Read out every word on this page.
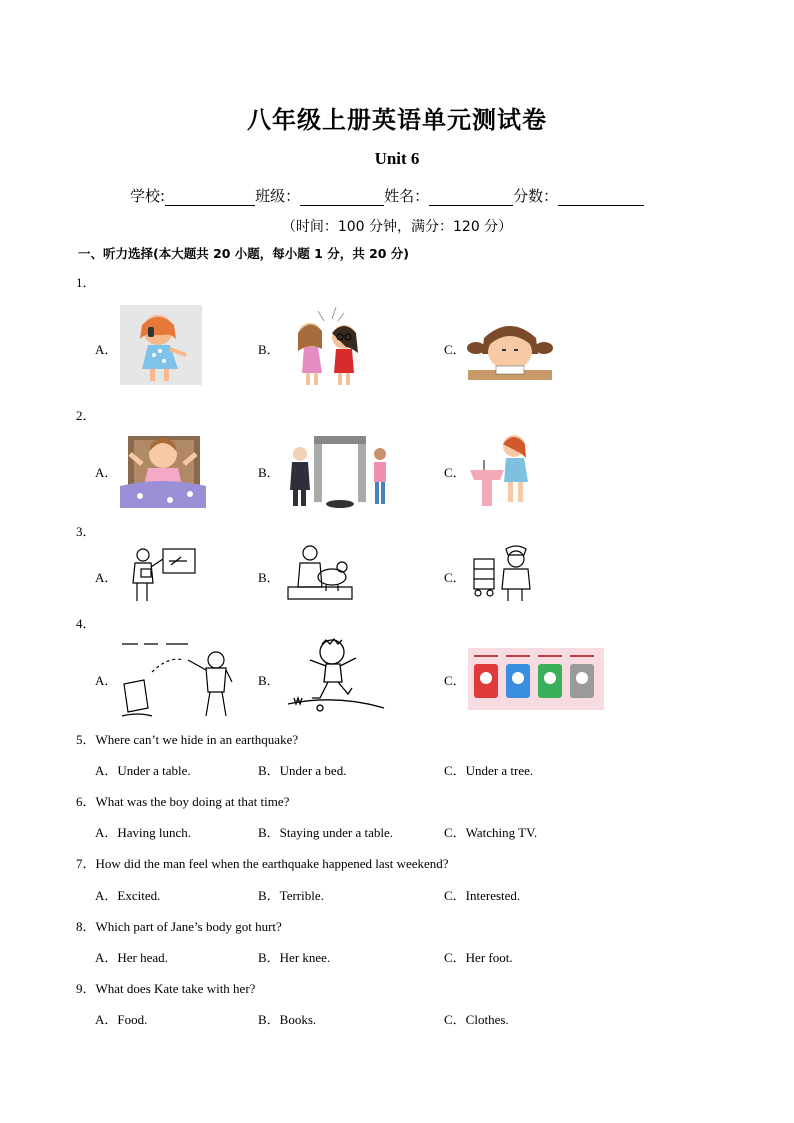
八年级上册英语单元测试卷
Unit 6
学校:	班级：	姓名：	分数：
（时间：100 分钟，满分：120 分）
一、听力选择(本大题共 20 小题，每小题 1 分，共 20 分)
1．
A．	B．	C．
2．
A．	B．	C．
3．
A．	B．	C．
4．
A．	B．	C．
5．Where can’t we hide in an earthquake?
A．Under a table.	B．Under a bed.	C．Under a tree.
6．What was the boy doing at that time?
A．Having lunch.	B．Staying under a table.	C．Watching TV.
7．How did the man feel when the earthquake happened last weekend?
A．Excited.	B．Terrible.	C．Interested.
8．Which part of Jane’s body got hurt?
A．Her head.	B．Her knee.	C．Her foot.
9．What does Kate take with her?
A．Food.	B．Books.	C．Clothes.
